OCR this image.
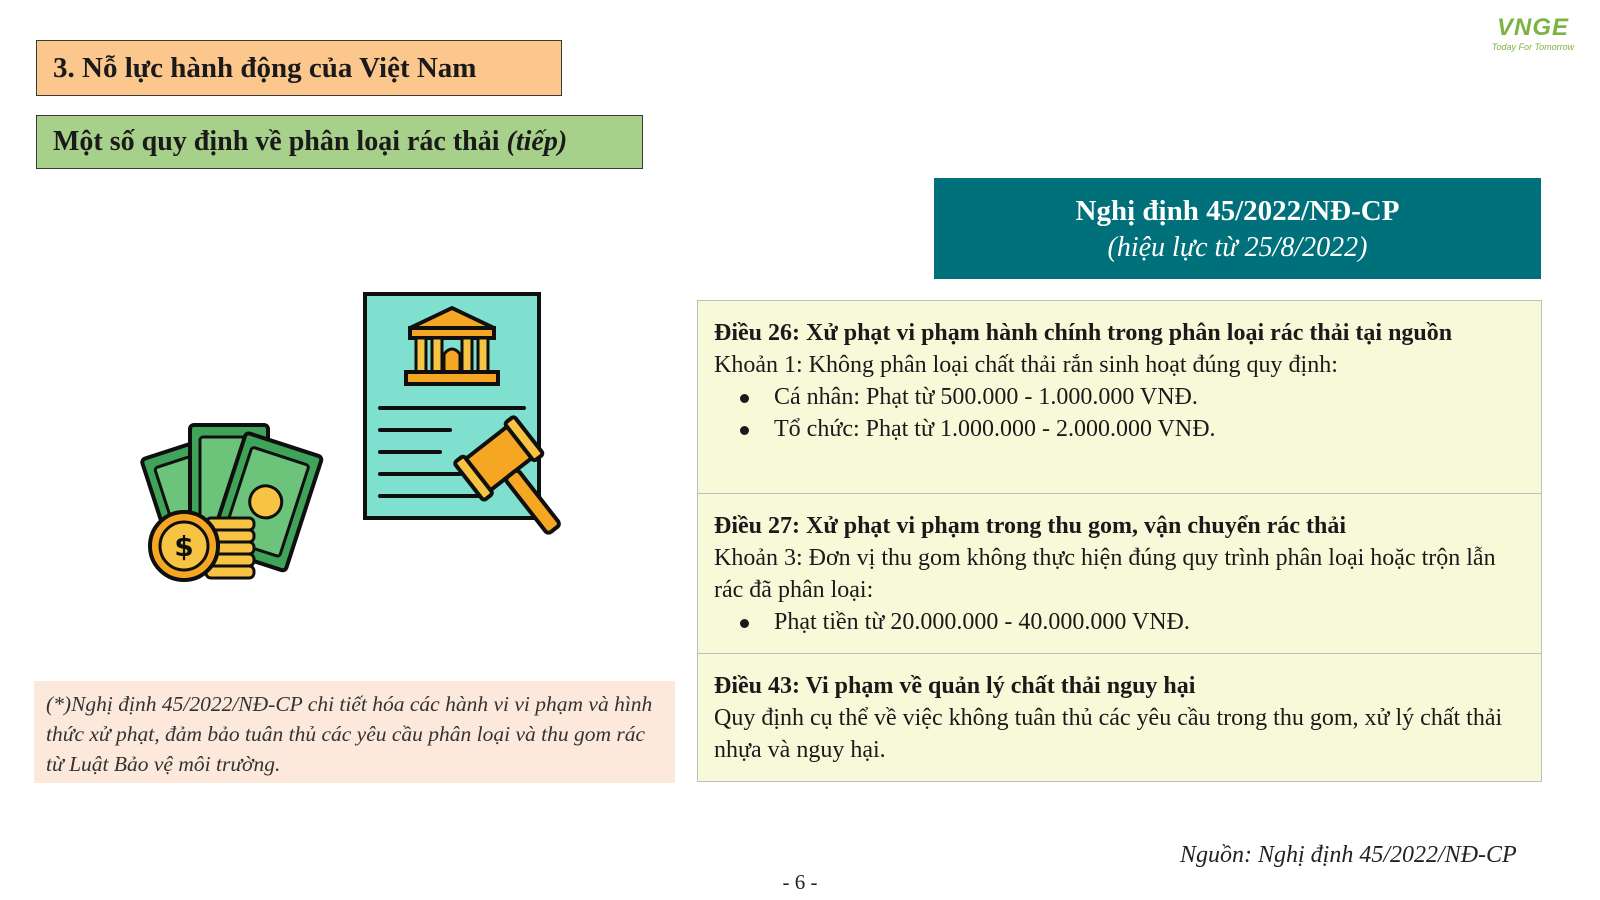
VNGE
Today For Tomorrow
3. Nỗ lực hành động của Việt Nam
Một số quy định về phân loại rác thải (tiếp)
$
Nghị định 45/2022/NĐ-CP
(hiệu lực từ 25/8/2022)
Điều 26: Xử phạt vi phạm hành chính trong phân loại rác thải tại nguồn
Khoản 1: Không phân loại chất thải rắn sinh hoạt đúng quy định:
Cá nhân: Phạt từ 500.000 - 1.000.000 VNĐ.
Tổ chức: Phạt từ 1.000.000 - 2.000.000 VNĐ.
Điều 27: Xử phạt vi phạm trong thu gom, vận chuyển rác thải
Khoản 3: Đơn vị thu gom không thực hiện đúng quy trình phân loại hoặc trộn lẫn rác đã phân loại:
Phạt tiền từ 20.000.000 - 40.000.000 VNĐ.
Điều 43: Vi phạm về quản lý chất thải nguy hại
Quy định cụ thể về việc không tuân thủ các yêu cầu trong thu gom, xử lý chất thải nhựa và nguy hại.
(*)Nghị định 45/2022/NĐ-CP chi tiết hóa các hành vi vi phạm và hình thức xử phạt, đảm bảo tuân thủ các yêu cầu phân loại và thu gom rác từ Luật Bảo vệ môi trường.
Nguồn: Nghị định 45/2022/NĐ-CP
- 6 -
